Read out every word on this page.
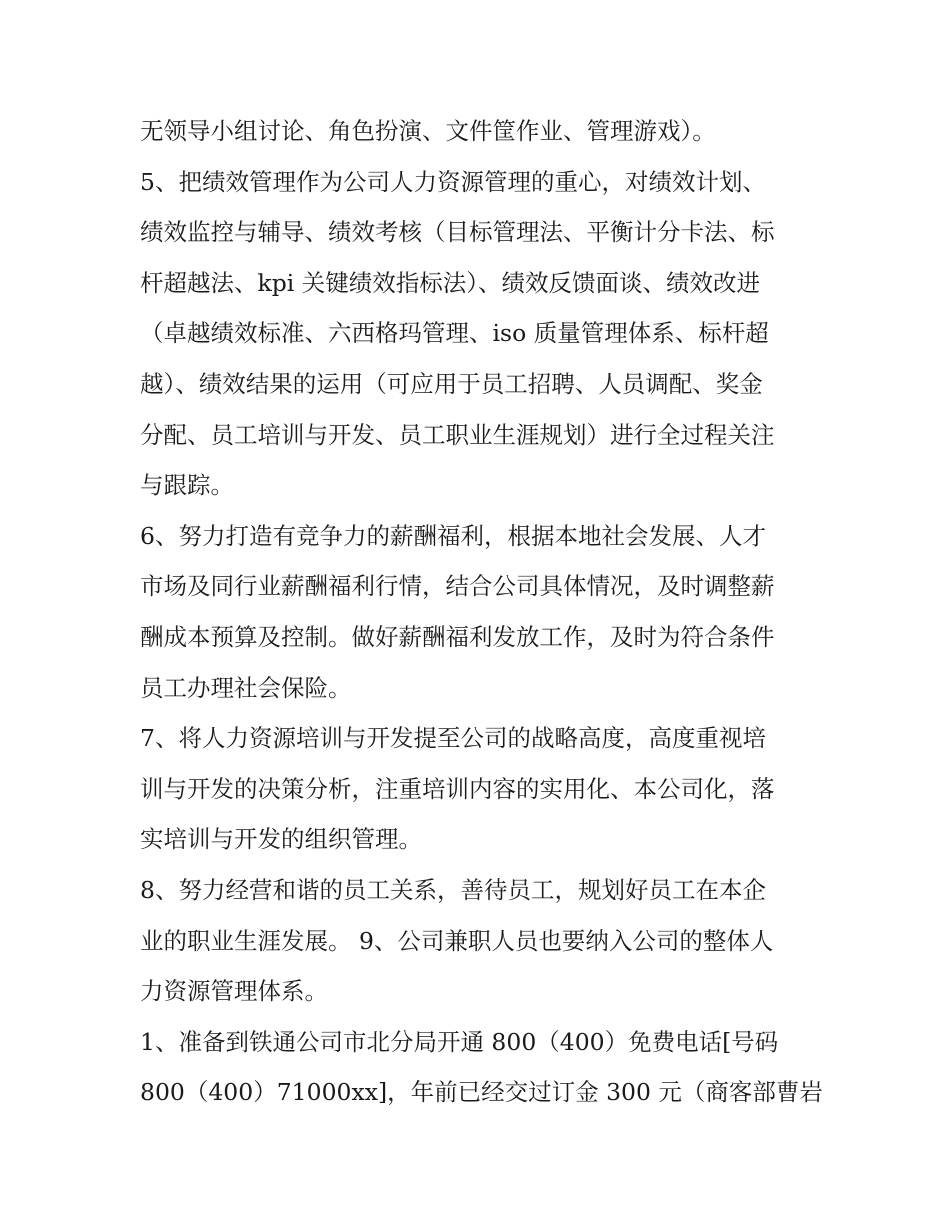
无领导小组讨论、角色扮演、文件筐作业、管理游戏）。
5、把绩效管理作为公司人力资源管理的重心，对绩效计划、
绩效监控与辅导、绩效考核（目标管理法、平衡计分卡法、标
杆超越法、kpi 关键绩效指标法）、绩效反馈面谈、绩效改进
（卓越绩效标准、六西格玛管理、iso 质量管理体系、标杆超
越）、绩效结果的运用（可应用于员工招聘、人员调配、奖金
分配、员工培训与开发、员工职业生涯规划）进行全过程关注
与跟踪。
6、努力打造有竞争力的薪酬福利，根据本地社会发展、人才
市场及同行业薪酬福利行情，结合公司具体情况，及时调整薪
酬成本预算及控制。做好薪酬福利发放工作，及时为符合条件
员工办理社会保险。
7、将人力资源培训与开发提至公司的战略高度，高度重视培
训与开发的决策分析，注重培训内容的实用化、本公司化，落
实培训与开发的组织管理。
8、努力经营和谐的员工关系，善待员工，规划好员工在本企
业的职业生涯发展。 9、公司兼职人员也要纳入公司的整体人
力资源管理体系。
1、准备到铁通公司市北分局开通 800（400）免费电话[号码
800（400）71000xx]，年前已经交过订金 300 元（商客部曹岩
